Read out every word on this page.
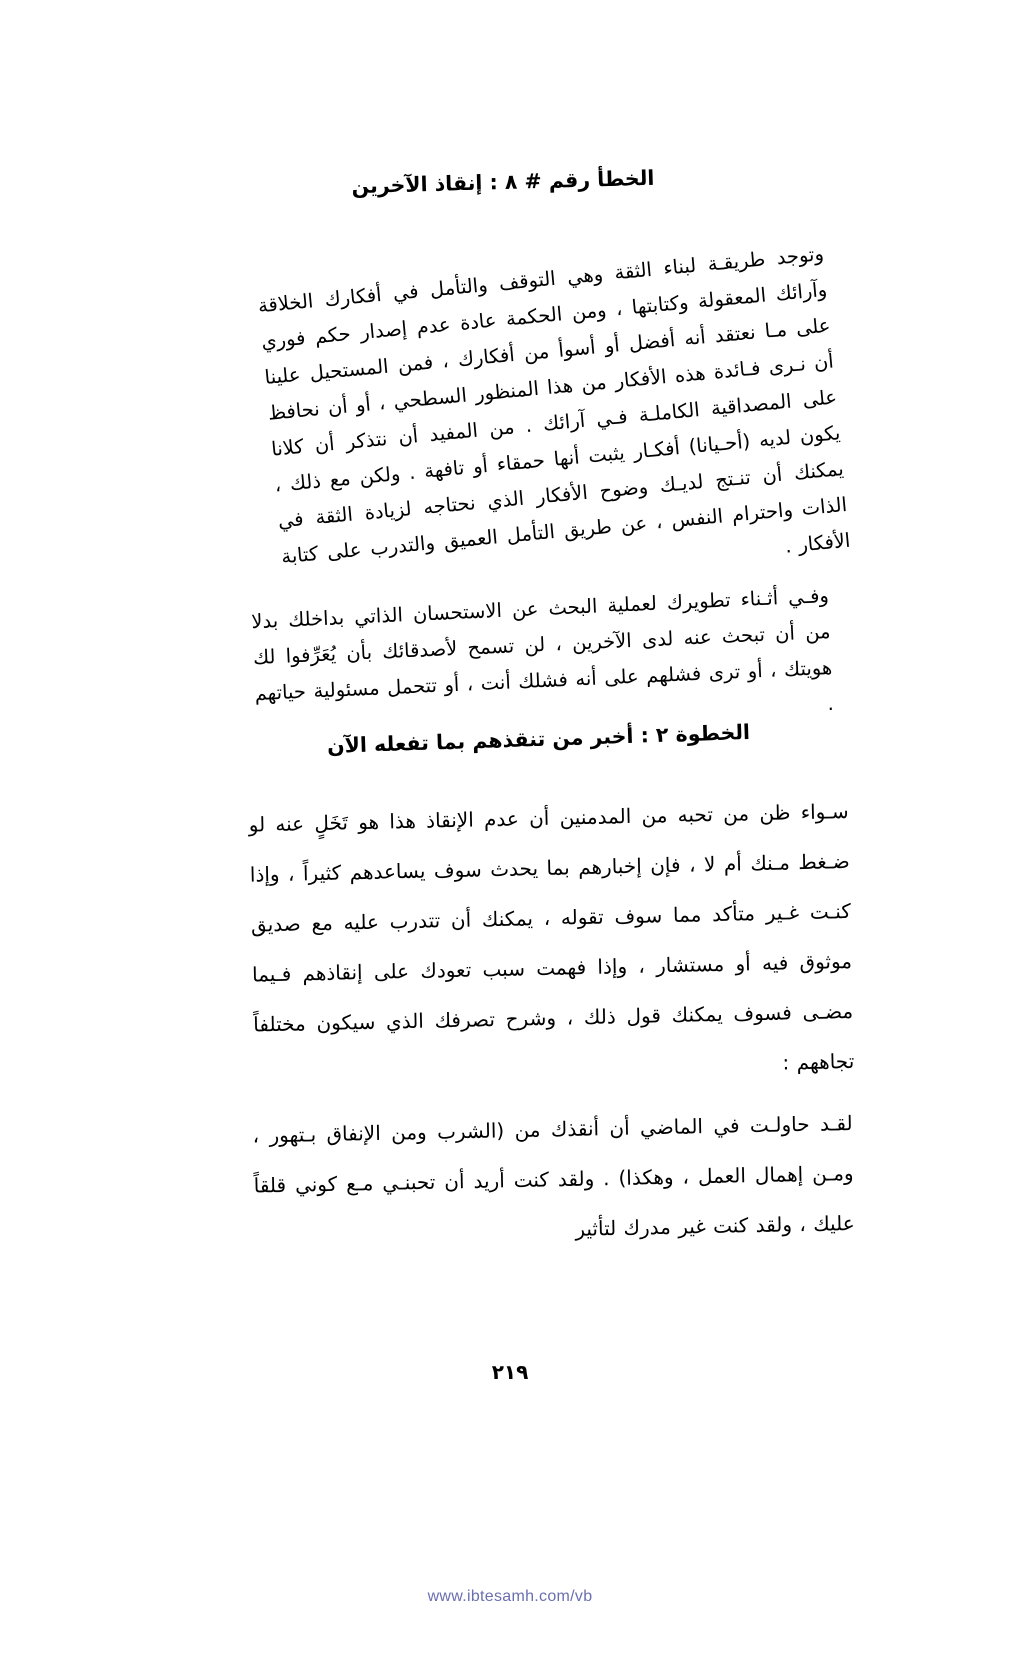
الخطأ رقم # ٨ : إنقاذ الآخرين
وتوجد طريقـة لبناء الثقة وهي التوقف والتأمل في أفكارك الخلاقة وآرائك المعقولة وكتابتها ، ومن الحكمة عادة عدم إصدار حكم فوري على مـا نعتقد أنه أفضل أو أسوأ من أفكارك ، فمن المستحيل علينا أن نـرى فـائدة هذه الأفكار من هذا المنظور السطحي ، أو أن نحافظ على المصداقية الكاملـة فـي آرائك . من المفيد أن نتذكر أن كلانا يكون لديه (أحـيانا) أفكـار يثبت أنها حمقاء أو تافهة . ولكن مع ذلك ، يمكنك أن تنـتج لديـك وضوح الأفكار الذي نحتاجه لزيادة الثقة في الذات واحترام النفس ، عن طريق التأمل العميق والتدرب على كتابة الأفكار .
وفـي أثـناء تطويرك لعملية البحث عن الاستحسان الذاتي بداخلك بدلا من أن تبحث عنه لدى الآخرين ، لن تسمح لأصدقائك بأن يُعَرِّفوا لك هويتك ، أو ترى فشلهم على أنه فشلك أنت ، أو تتحمل مسئولية حياتهم .
الخطوة ٢ : أخبر من تنقذهم بما تفعله الآن
سـواء ظن من تحبه من المدمنين أن عدم الإنقاذ هذا هو تَخَلٍ عنه لو ضـغط مـنك أم لا ، فإن إخبارهم بما يحدث سوف يساعدهم كثيراً ، وإذا كنـت غـير متأكد مما سوف تقوله ، يمكنك أن تتدرب عليه مع صديق موثوق فيه أو مستشار ، وإذا فهمت سبب تعودك على إنقاذهم فـيما مضـى فسوف يمكنك قول ذلك ، وشرح تصرفك الذي سيكون مختلفاً تجاههم :
لقـد حاولـت في الماضي أن أنقذك من (الشرب ومن الإنفاق بـتهور ، ومـن إهمال العمل ، وهكذا) . ولقد كنت أريد أن تحبنـي مـع كوني قلقاً عليك ، ولقد كنت غير مدرك لتأثير
٢١٩
www.ibtesamh.com/vb
